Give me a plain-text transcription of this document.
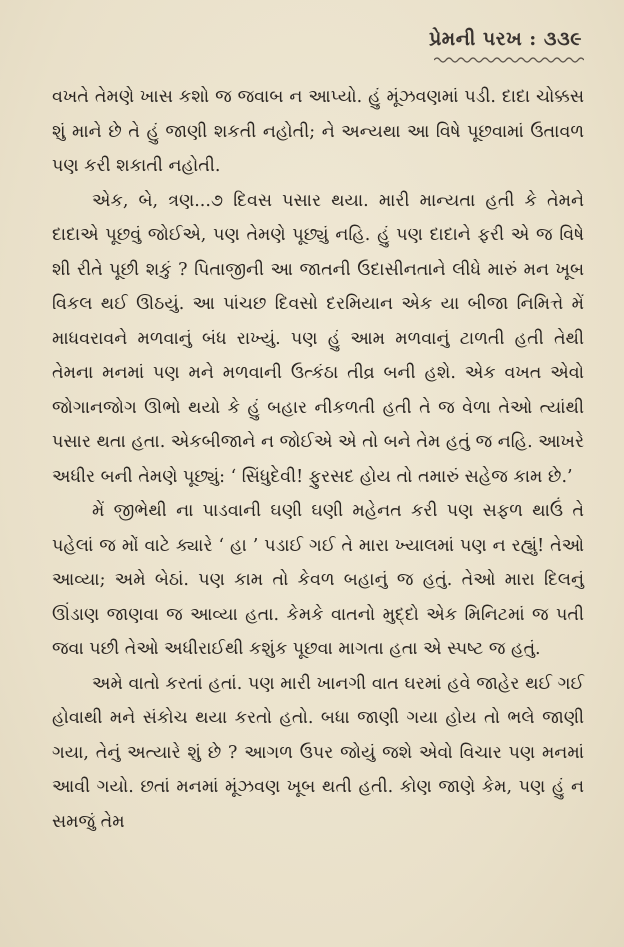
પ્રેમની પરખ : ૩૩૯

વખતે તેમણે ખાસ કશો જ જવાબ ન આપ્યો. હું મૂંઝવણમાં પડી. દાદા ચોક્કસ શું માને છે તે હું જાણી શકતી નહોતી; ને અન્યથા આ વિષે પૂછવામાં ઉતાવળ પણ કરી શકાતી નહોતી.

એક, બે, ત્રણ...૭ દિવસ પસાર થયા. મારી માન્યતા હતી કે તેમને દાદાએ પૂછવું જોઈએ, પણ તેમણે પૂછ્યું નહિ. હું પણ દાદાને ફરી એ જ વિષે શી રીતે પૂછી શકું ? પિતાજીની આ જાતની ઉદાસીનતાને લીધે મારું મન ખૂબ વિકલ થઈ ઊઠયું. આ પાંચછ દિવસો દરમિયાન એક યા બીજા નિમિત્તે મેં માધવરાવને મળવાનું બંધ રાખ્યું. પણ હું આમ મળવાનું ટાળતી હતી તેથી તેમના મનમાં પણ મને મળવાની ઉત્કંઠા તીવ્ર બની હશે. એક વખત એવો જોગાનજોગ ઊભો થયો કે હું બહાર નીકળતી હતી તે જ વેળા તેઓ ત્યાંથી પસાર થતા હતા. એકબીજાને ન જોઈએ એ તો બને તેમ હતું જ નહિ. આખરે અધીર બની તેમણે પૂછ્યું: ‘ સિંધુદેવી! ફુરસદ હોય તો તમારું સહેજ કામ છે.’

મેં જીભેથી ના પાડવાની ઘણી ઘણી મહેનત કરી પણ સફળ થાઉં તે પહેલાં જ મોં વાટે ક્યારે ‘ હા ’ પડાઈ ગઈ તે મારા ખ્યાલમાં પણ ન રહ્યું! તેઓ આવ્યા; અમે બેઠાં. પણ કામ તો કેવળ બહાનું જ હતું. તેઓ મારા દિલનું ઊંડાણ જાણવા જ આવ્યા હતા. કેમકે વાતનો મુદ્દો એક મિનિટમાં જ પતી જવા પછી તેઓ અધીરાઈથી કશુંક પૂછવા માગતા હતા એ સ્પષ્ટ જ હતું.

અમે વાતો કરતાં હતાં. પણ મારી ખાનગી વાત ઘરમાં હવે જાહેર થઈ ગઈ હોવાથી મને સંકોચ થયા કરતો હતો. બધા જાણી ગયા હોય તો ભલે જાણી ગયા, તેનું અત્યારે શું છે ? આગળ ઉપર જોયું જશે એવો વિચાર પણ મનમાં આવી ગયો. છતાં મનમાં મૂંઝવણ ખૂબ થતી હતી. કોણ જાણે કેમ, પણ હું ન સમજું તેમ
